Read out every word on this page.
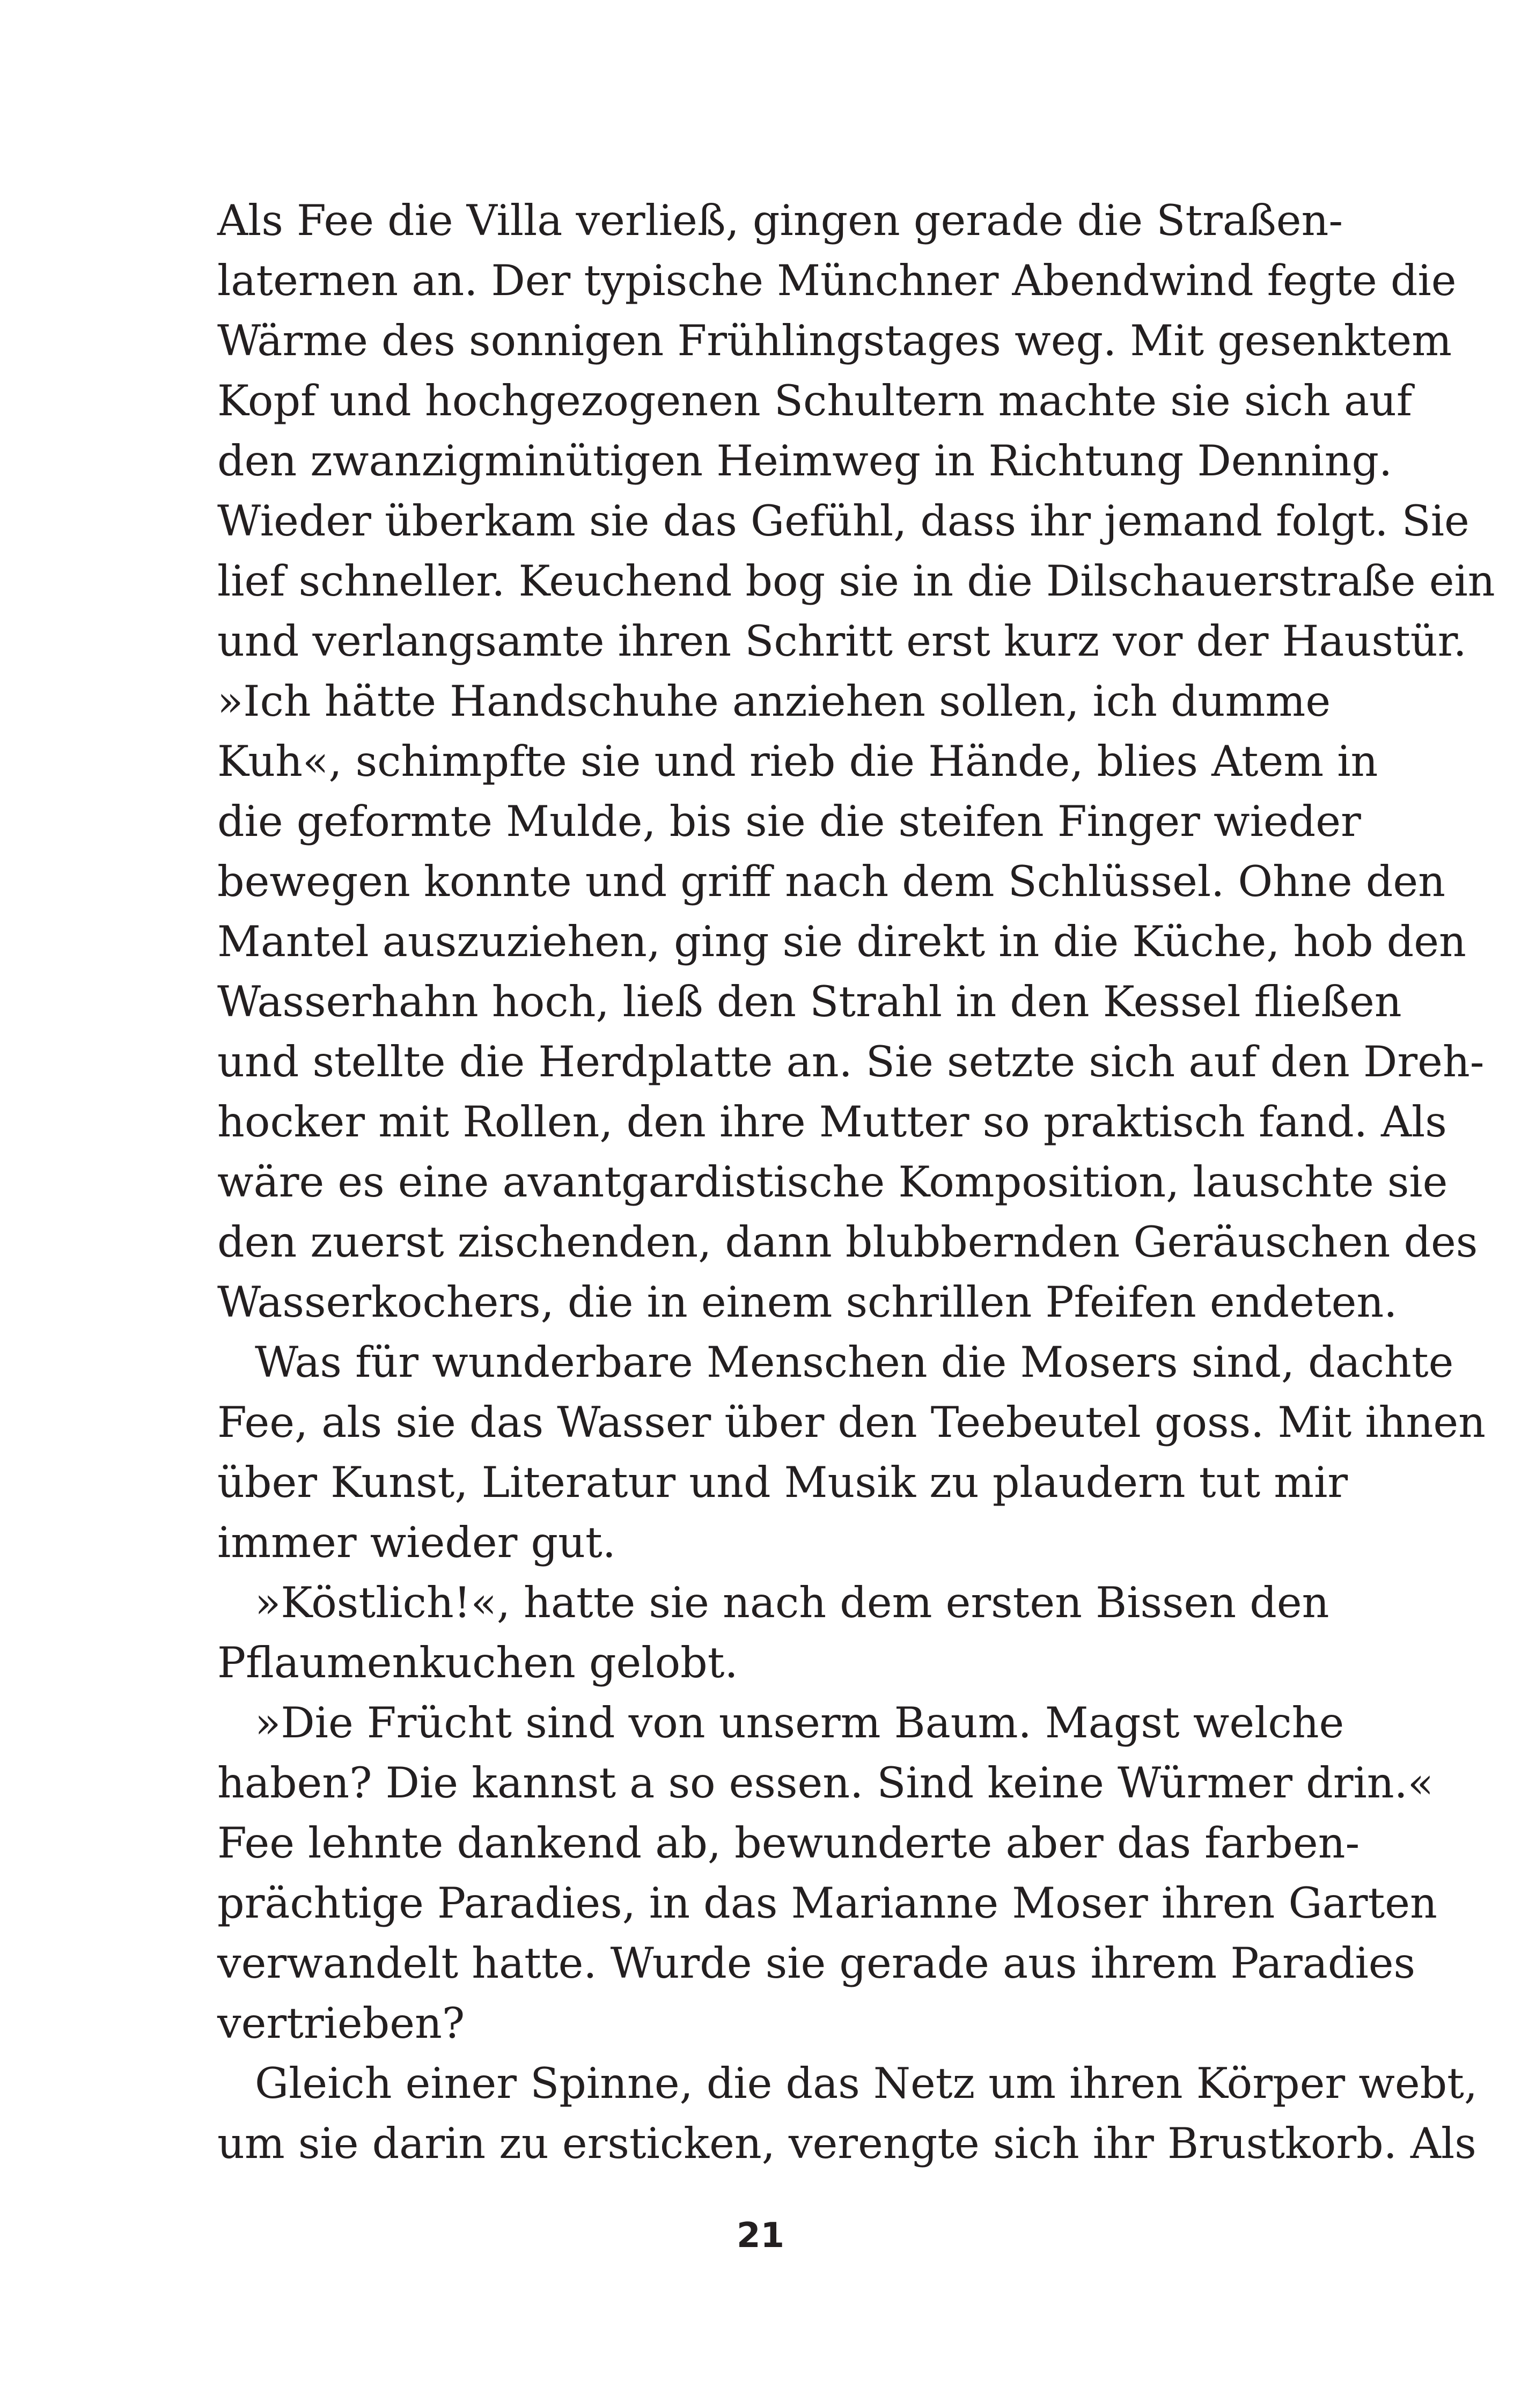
Als Fee die Villa verließ, gingen gerade die Straßen-
laternen an. Der typische Münchner Abendwind fegte die
Wärme des sonnigen Frühlingstages weg. Mit gesenktem
Kopf und hochgezogenen Schultern machte sie sich auf
den zwanzigminütigen Heimweg in Richtung Denning.
Wieder überkam sie das Gefühl, dass ihr jemand folgt. Sie
lief schneller. Keuchend bog sie in die Dilschauerstraße ein
und verlangsamte ihren Schritt erst kurz vor der Haustür.
»Ich hätte Handschuhe anziehen sollen, ich dumme
Kuh«, schimpfte sie und rieb die Hände, blies Atem in
die geformte Mulde, bis sie die steifen Finger wieder
bewegen konnte und griff nach dem Schlüssel. Ohne den
Mantel auszuziehen, ging sie direkt in die Küche, hob den
Wasserhahn hoch, ließ den Strahl in den Kessel fließen
und stellte die Herdplatte an. Sie setzte sich auf den Dreh-
hocker mit Rollen, den ihre Mutter so praktisch fand. Als
wäre es eine avantgardistische Komposition, lauschte sie
den zuerst zischenden, dann blubbernden Geräuschen des
Wasserkochers, die in einem schrillen Pfeifen endeten.
Was für wunderbare Menschen die Mosers sind, dachte
Fee, als sie das Wasser über den Teebeutel goss. Mit ihnen
über Kunst, Literatur und Musik zu plaudern tut mir
immer wieder gut.
»Köstlich!«, hatte sie nach dem ersten Bissen den
Pflaumenkuchen gelobt.
»Die Frücht sind von unserm Baum. Magst welche
haben? Die kannst a so essen. Sind keine Würmer drin.«
Fee lehnte dankend ab, bewunderte aber das farben-
prächtige Paradies, in das Marianne Moser ihren Garten
verwandelt hatte. Wurde sie gerade aus ihrem Paradies
vertrieben?
Gleich einer Spinne, die das Netz um ihren Körper webt,
um sie darin zu ersticken, verengte sich ihr Brustkorb. Als
21
